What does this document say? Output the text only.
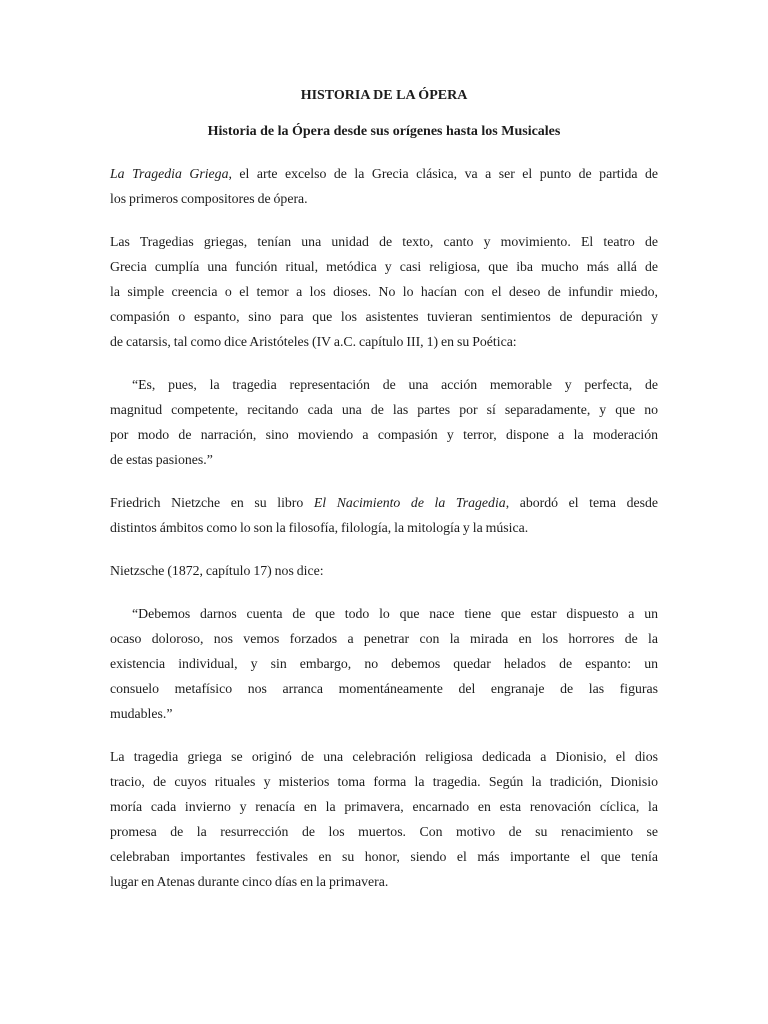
HISTORIA DE LA ÓPERA
Historia de la Ópera desde sus orígenes hasta los Musicales
La Tragedia Griega, el arte excelso de la Grecia clásica, va a ser el punto de partida de
los primeros compositores de ópera.
Las Tragedias griegas, tenían una unidad de texto, canto y movimiento. El teatro de
Grecia cumplía una función ritual, metódica y casi religiosa, que iba mucho más allá de
la simple creencia o el temor a los dioses. No lo hacían con el deseo de infundir miedo,
compasión o espanto, sino para que los asistentes tuvieran sentimientos de depuración y
de catarsis, tal como dice Aristóteles (IV a.C. capítulo III, 1) en su Poética:
“Es, pues, la tragedia representación de una acción memorable y perfecta, de
magnitud competente, recitando cada una de las partes por sí separadamente, y que no
por modo de narración, sino moviendo a compasión y terror, dispone a la moderación
de estas pasiones.”
Friedrich Nietzche en su libro El Nacimiento de la Tragedia, abordó el tema desde
distintos ámbitos como lo son la filosofía, filología, la mitología y la música.
Nietzsche (1872, capítulo 17) nos dice:
“Debemos darnos cuenta de que todo lo que nace tiene que estar dispuesto a un
ocaso doloroso, nos vemos forzados a penetrar con la mirada en los horrores de la
existencia individual, y sin embargo, no debemos quedar helados de espanto: un
consuelo metafísico nos arranca momentáneamente del engranaje de las figuras
mudables.”
La tragedia griega se originó de una celebración religiosa dedicada a Dionisio, el dios
tracio, de cuyos rituales y misterios toma forma la tragedia. Según la tradición, Dionisio
moría cada invierno y renacía en la primavera, encarnado en esta renovación cíclica, la
promesa de la resurrección de los muertos. Con motivo de su renacimiento se
celebraban importantes festivales en su honor, siendo el más importante el que tenía
lugar en Atenas durante cinco días en la primavera.
